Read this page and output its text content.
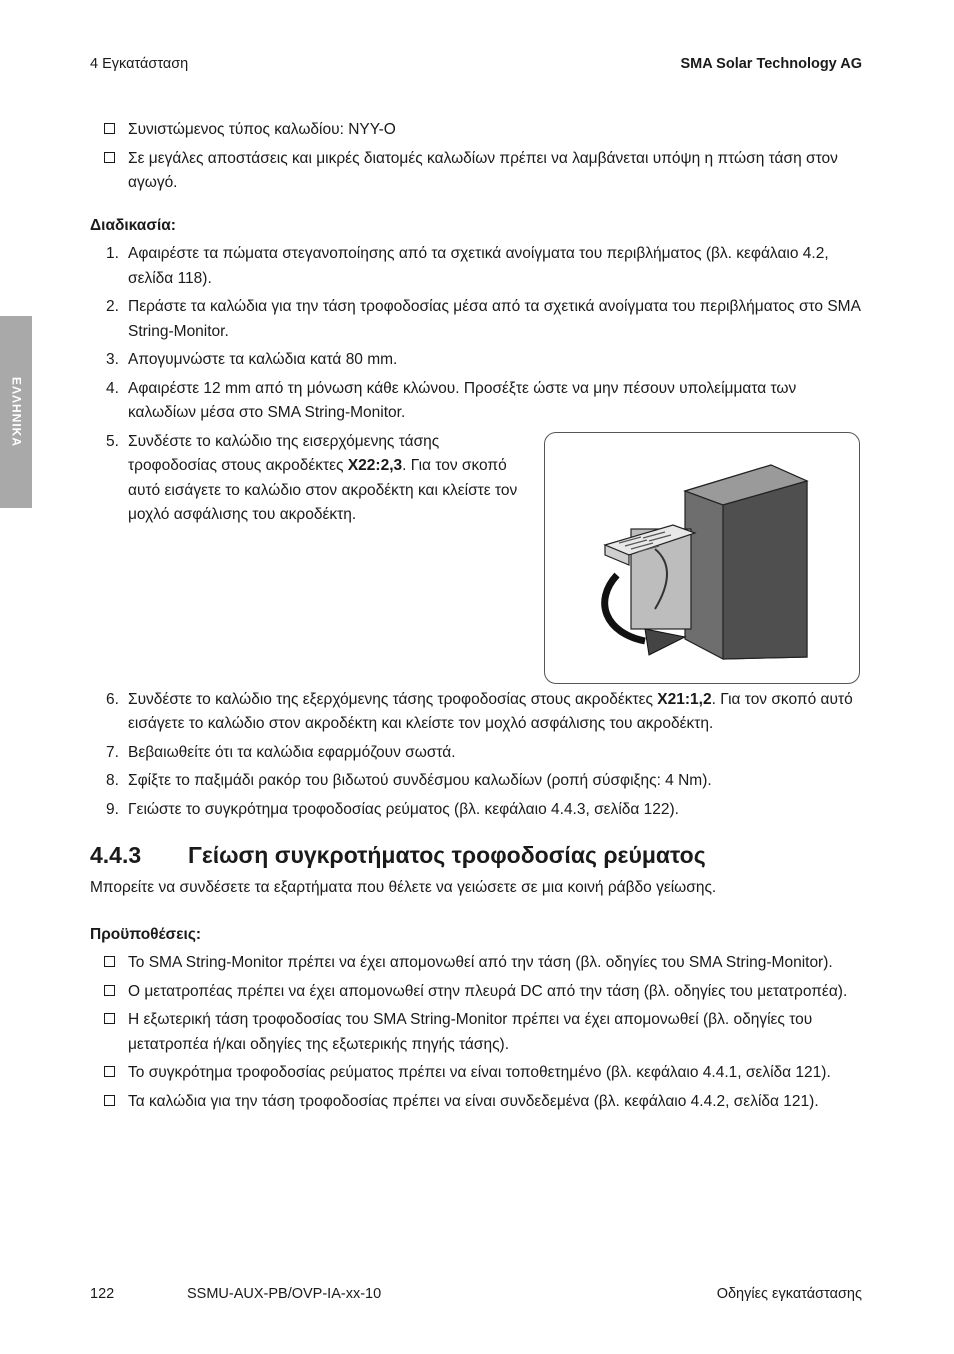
4 Εγκατάσταση	SMA Solar Technology AG
ΕΛΛΗΝΙΚΑ
Συνιστώμενος τύπος καλωδίου: NYY-O
Σε μεγάλες αποστάσεις και μικρές διατομές καλωδίων πρέπει να λαμβάνεται υπόψη η πτώση τάση στον αγωγό.
Διαδικασία:
1. Αφαιρέστε τα πώματα στεγανοποίησης από τα σχετικά ανοίγματα του περιβλήματος (βλ. κεφάλαιο 4.2, σελίδα 118).
2. Περάστε τα καλώδια για την τάση τροφοδοσίας μέσα από τα σχετικά ανοίγματα του περιβλήματος στο SMA String-Monitor.
3. Απογυμνώστε τα καλώδια κατά 80 mm.
4. Αφαιρέστε 12 mm από τη μόνωση κάθε κλώνου. Προσέξτε ώστε να μην πέσουν υπολείμματα των καλωδίων μέσα στο SMA String-Monitor.
5. Συνδέστε το καλώδιο της εισερχόμενης τάσης τροφοδοσίας στους ακροδέκτες X22:2,3. Για τον σκοπό αυτό εισάγετε το καλώδιο στον ακροδέκτη και κλείστε τον μοχλό ασφάλισης του ακροδέκτη.
6. Συνδέστε το καλώδιο της εξερχόμενης τάσης τροφοδοσίας στους ακροδέκτες X21:1,2. Για τον σκοπό αυτό εισάγετε το καλώδιο στον ακροδέκτη και κλείστε τον μοχλό ασφάλισης του ακροδέκτη.
7. Βεβαιωθείτε ότι τα καλώδια εφαρμόζουν σωστά.
8. Σφίξτε το παξιμάδι ρακόρ του βιδωτού συνδέσμου καλωδίων (ροπή σύσφιξης: 4 Nm).
9. Γειώστε το συγκρότημα τροφοδοσίας ρεύματος (βλ. κεφάλαιο 4.4.3, σελίδα 122).
4.4.3 Γείωση συγκροτήματος τροφοδοσίας ρεύματος
Μπορείτε να συνδέσετε τα εξαρτήματα που θέλετε να γειώσετε σε μια κοινή ράβδο γείωσης.
Προϋποθέσεις:
Το SMA String-Monitor πρέπει να έχει απομονωθεί από την τάση (βλ. οδηγίες του SMA String-Monitor).
Ο μετατροπέας πρέπει να έχει απομονωθεί στην πλευρά DC από την τάση (βλ. οδηγίες του μετατροπέα).
Η εξωτερική τάση τροφοδοσίας του SMA String-Monitor πρέπει να έχει απομονωθεί (βλ. οδηγίες του μετατροπέα ή/και οδηγίες της εξωτερικής πηγής τάσης).
Το συγκρότημα τροφοδοσίας ρεύματος πρέπει να είναι τοποθετημένο (βλ. κεφάλαιο 4.4.1, σελίδα 121).
Τα καλώδια για την τάση τροφοδοσίας πρέπει να είναι συνδεδεμένα (βλ. κεφάλαιο 4.4.2, σελίδα 121).
122	SSMU-AUX-PB/OVP-IA-xx-10	Οδηγίες εγκατάστασης
